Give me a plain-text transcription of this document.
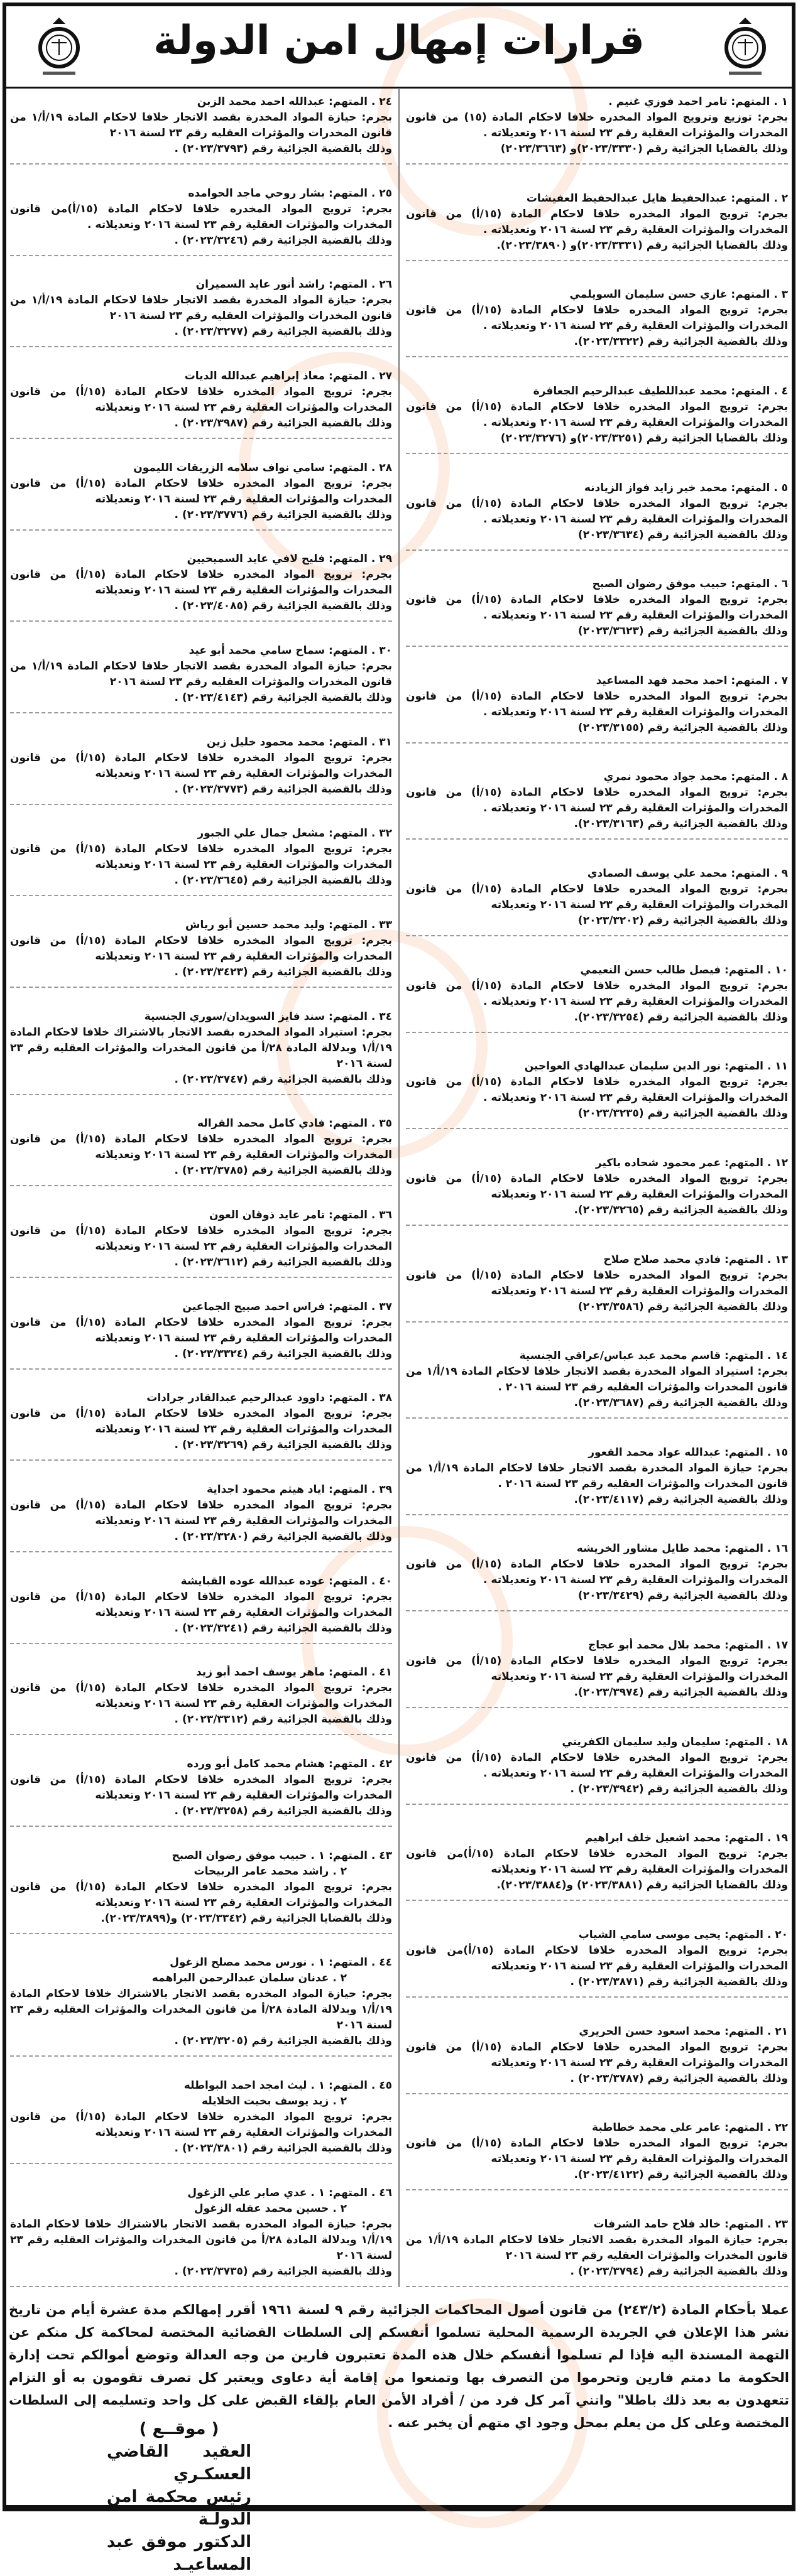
قرارات إمهال امن الدولة
١ . المتهم: تامر احمد فوزي غنيم .
بجرم: توزيع وترويج المواد المخدره خلافا لاحكام المادة (١٥) من قانون المخدرات والمؤثرات العقلية رقم ٢٣ لسنة ٢٠١٦ وتعديلاته .
وذلك بالقضايا الجزائية رقم (٢٠٢٣/٣٣٣٠)و (٢٠٢٣/٣٦٦٣)
٢ . المتهم: عبدالحفيظ هايل عبدالحفيظ العفيشات
بجرم: ترويج المواد المخدره خلافا لاحكام المادة (١٥/أ) من قانون المخدرات والمؤثرات العقلية رقم ٢٣ لسنة ٢٠١٦ وتعديلاته .
وذلك بالقضايا الجزائية رقم (٢٠٢٣/٣٣٣١)و (٢٠٢٣/٣٨٩٠).
٣ . المتهم: غازي حسن سليمان السويلمي
بجرم: ترويج المواد المخدره خلافا لاحكام المادة (١٥/أ) من قانون المخدرات والمؤثرات العقلية رقم ٢٣ لسنة ٢٠١٦ وتعديلاته .
وذلك بالقضية الجزائية رقم (٢٠٢٣/٣٣٢٢).
٤ . المتهم: محمد عبداللطيف عبدالرحيم الجعافرة
بجرم: ترويج المواد المخدره خلافا لاحكام المادة (١٥/أ) من قانون المخدرات والمؤثرات العقلية رقم ٢٣ لسنة ٢٠١٦ وتعديلاته .
وذلك بالقضايا الجزائية رقم (٢٠٢٣/٣٢٥١)و (٢٠٢٣/٣٢٧٦)
٥ . المتهم: محمد خير زايد فواز الزيادنه
بجرم: ترويج المواد المخدره خلافا لاحكام المادة (١٥/أ) من قانون المخدرات والمؤثرات العقلية رقم ٢٣ لسنة ٢٠١٦ وتعديلاته .
وذلك بالقضية الجزائية رقم (٢٠٢٣/٣٦٣٤)
٦ . المتهم: حبيب موفق رضوان الصبح
بجرم: ترويج المواد المخدره خلافا لاحكام المادة (١٥/أ) من قانون المخدرات والمؤثرات العقلية رقم ٢٣ لسنة ٢٠١٦ وتعديلاته .
وذلك بالقضية الجزائية رقم (٢٠٢٣/٣٦٢٣)
٧ . المتهم: احمد محمد فهد المساعيد
بجرم: ترويج المواد المخدره خلافا لاحكام المادة (١٥/أ) من قانون المخدرات والمؤثرات العقلية رقم ٢٣ لسنة ٢٠١٦ وتعديلاته .
وذلك بالقضية الجزائية رقم (٢٠٢٣/٣١٥٥)
٨ . المتهم: محمد جواد محمود نمري
بجرم: ترويج المواد المخدره خلافا لاحكام المادة (١٥/أ) من قانون المخدرات والمؤثرات العقلية رقم ٢٣ لسنة ٢٠١٦ وتعديلاته .
وذلك بالقضية الجزائية رقم (٢٠٢٣/٣١٦٣).
٩ . المتهم: محمد علي يوسف الصمادي
بجرم: ترويج المواد المخدره خلافا لاحكام المادة (١٥/أ) من قانون المخدرات والمؤثرات العقلية رقم ٢٣ لسنة ٢٠١٦ وتعديلاته
وذلك بالقضية الجزائية رقم (٢٠٢٣/٣٢٠٢)
١٠ . المتهم: فيصل طالب حسن النعيمي
بجرم: ترويج المواد المخدره خلافا لاحكام المادة (١٥/أ) من قانون المخدرات والمؤثرات العقلية رقم ٢٣ لسنة ٢٠١٦ وتعديلاته .
وذلك بالقضية الجزائية رقم (٢٠٢٣/٣٢٥٤).
١١ . المتهم: نور الدين سليمان عبدالهادي العواجين
بجرم: ترويج المواد المخدره خلافا لاحكام المادة (١٥/أ) من قانون المخدرات والمؤثرات العقلية رقم ٢٣ لسنة ٢٠١٦ وتعديلاته .
وذلك بالقضية الجزائية رقم (٢٠٢٣/٣٢٣٥)
١٢ . المتهم: عمر محمود شحاده باكير
بجرم: ترويج المواد المخدره خلافا لاحكام المادة (١٥/أ) من قانون المخدرات والمؤثرات العقلية رقم ٢٣ لسنة ٢٠١٦ وتعديلاته
وذلك بالقضية الجزائية رقم (٢٠٢٣/٣٢٦٥).
١٣ . المتهم: فادي محمد صلاح صلاح
بجرم: ترويج المواد المخدره خلافا لاحكام المادة (١٥/أ) من قانون المخدرات والمؤثرات العقلية رقم ٢٣ لسنة ٢٠١٦ وتعديلاته
وذلك بالقضية الجزائية رقم (٢٠٢٣/٣٥٨٦)
١٤ . المتهم: قاسم محمد عبد عباس/عراقي الجنسية
بجرم: استيراد المواد المخدرة بقصد الاتجار خلافا لاحكام المادة ١٩/أ/١ من قانون المخدرات والمؤثرات العقليه رقم ٢٣ لسنة ٢٠١٦ .
وذلك بالقضية الجزائية رقم (٢٠٢٣/٣٦٨٧).
١٥ . المتهم: عبدالله عواد محمد القعور
بجرم: حيازة المواد المخدرة بقصد الاتجار خلافا لاحكام المادة ١٩/أ/١ من قانون المخدرات والمؤثرات العقليه رقم ٢٣ لسنة ٢٠١٦ .
وذلك بالقضية الجزائية رقم (٢٠٢٣/٤١١٧).
١٦ . المتهم: محمد طايل مشاور الخريشه
بجرم: ترويج المواد المخدره خلافا لاحكام المادة (١٥/أ) من قانون المخدرات والمؤثرات العقلية رقم ٢٣ لسنة ٢٠١٦ وتعديلاته .
وذلك بالقضية الجزائية رقم (٢٠٢٣/٣٤٢٩)
١٧ . المتهم: محمد بلال محمد أبو عجاج
بجرم: ترويج المواد المخدره خلافا لاحكام المادة (١٥/أ) من قانون المخدرات والمؤثرات العقلية رقم ٢٣ لسنة ٢٠١٦ وتعديلاته
وذلك بالقضية الجزائية رقم (٢٠٢٣/٣٩٧٤).
١٨ . المتهم: سليمان وليد سليمان الكفريني
بجرم: ترويج المواد المخدره خلافا لاحكام المادة (١٥/أ) من قانون المخدرات والمؤثرات العقلية رقم ٢٣ لسنة ٢٠١٦ وتعديلاته .
وذلك بالقضية الجزائية رقم (٢٠٢٣/٣٩٤٢) .
١٩ . المتهم: محمد اشعيل خلف ابراهيم
بجرم: ترويج المواد المخدره خلافا لاحكام المادة (١٥/أ)من قانون المخدرات والمؤثرات العقلية رقم ٢٣ لسنة ٢٠١٦ وتعديلاته
وذلك بالقضايا الجزائية رقم (٢٠٢٣/٣٨٨١) و(٢٠٢٣/٣٨٨٤).
٢٠ . المتهم: يحيى موسى سامي الشياب
بجرم: ترويج المواد المخدره خلافا لاحكام المادة (١٥/أ)من قانون المخدرات والمؤثرات العقلية رقم ٢٣ لسنة ٢٠١٦ وتعديلاته
وذلك بالقضية الجزائية رقم (٢٠٢٣/٣٨٧١) .
٢١ . المتهم: محمد اسعود حسن الحريري
بجرم: ترويج المواد المخدره خلافا لاحكام المادة (١٥/أ) من قانون المخدرات والمؤثرات العقلية رقم ٢٣ لسنة ٢٠١٦ وتعديلاته
وذلك بالقضية الجزائية رقم (٢٠٢٣/٣٧٨٧) .
٢٢ . المتهم: عامر علي محمد خطاطبة
بجرم: ترويج المواد المخدره خلافا لاحكام المادة (١٥/أ) من قانون المخدرات والمؤثرات العقلية رقم ٢٣ لسنة ٢٠١٦ وتعديلاته
وذلك بالقضية الجزائية رقم (٢٠٢٣/٤١٢٢).
٢٣ . المتهم: خالد فلاح حامد الشرفات
بجرم: حيازة المواد المخدرة بقصد الاتجار خلافا لاحكام المادة ١٩/أ/١ من قانون المخدرات والمؤثرات العقليه رقم ٢٣ لسنة ٢٠١٦
وذلك بالقضية الجزائية رقم (٢٠٢٣/٣٧٩٤) .
٢٤ . المتهم: عبدالله احمد محمد الزبن
بجرم: حيازة المواد المخدرة بقصد الاتجار خلافا لاحكام المادة ١٩/أ/١ من قانون المخدرات والمؤثرات العقليه رقم ٢٣ لسنة ٢٠١٦
وذلك بالقضية الجزائية رقم (٢٠٢٣/٣٧٩٣) .
٢٥ . المتهم: بشار روحي ماجد الحوامده
بجرم: ترويج المواد المخدره خلافا لاحكام المادة (١٥/أ)من قانون المخدرات والمؤثرات العقلية رقم ٢٣ لسنة ٢٠١٦ وتعديلاته .
وذلك بالقضية الجزائية رقم (٢٠٢٣/٣٢٤٦) .
٢٦ . المتهم: راشد أنور عايد السميران
بجرم: حيازة المواد المخدرة بقصد الاتجار خلافا لاحكام المادة ١٩/أ/١ من قانون المخدرات والمؤثرات العقليه رقم ٢٣ لسنة ٢٠١٦
وذلك بالقضية الجزائية رقم (٢٠٢٣/٣٢٧٧) .
٢٧ . المتهم: معاذ إبراهيم عبدالله الديات
بجرم: ترويج المواد المخدره خلافا لاحكام المادة (١٥/أ) من قانون المخدرات والمؤثرات العقلية رقم ٢٣ لسنة ٢٠١٦ وتعديلاته
وذلك بالقضية الجزائية رقم (٢٠٢٣/٣٩٨٧) .
٢٨ . المتهم: سامي نواف سلامه الزريقات الليمون
بجرم: ترويج المواد المخدره خلافا لاحكام المادة (١٥/أ) من قانون المخدرات والمؤثرات العقلية رقم ٢٣ لسنة ٢٠١٦ وتعديلاته
وذلك بالقضية الجزائية رقم (٢٠٢٣/٣٧٧٦) .
٢٩ . المتهم: فليح لافي عايد السميحيين
بجرم: ترويج المواد المخدره خلافا لاحكام المادة (١٥/أ) من قانون المخدرات والمؤثرات العقلية رقم ٢٣ لسنة ٢٠١٦ وتعديلاته
وذلك بالقضية الجزائية رقم (٢٠٢٣/٤٠٨٥) .
٣٠ . المتهم: سماح سامي محمد أبو عيد
بجرم: حيازة المواد المخدرة بقصد الاتجار خلافا لاحكام المادة ١٩/أ/١ من قانون المخدرات والمؤثرات العقليه رقم ٢٣ لسنة ٢٠١٦
وذلك بالقضية الجزائية رقم (٢٠٢٣/٤١٤٣) .
٣١ . المتهم: محمد محمود خليل زين
بجرم: ترويج المواد المخدره خلافا لاحكام المادة (١٥/أ) من قانون المخدرات والمؤثرات العقلية رقم ٢٣ لسنة ٢٠١٦ وتعديلاته
وذلك بالقضية الجزائية رقم (٢٠٢٣/٣٧٧٣) .
٣٢ . المتهم: مشعل جمال علي الجبور
بجرم: ترويج المواد المخدره خلافا لاحكام المادة (١٥/أ) من قانون المخدرات والمؤثرات العقلية رقم ٢٣ لسنة ٢٠١٦ وتعديلاته
وذلك بالقضية الجزائية رقم (٢٠٢٣/٣٦٤٥) .
٣٣ . المتهم: وليد محمد حسين أبو رياش
بجرم: ترويج المواد المخدره خلافا لاحكام المادة (١٥/أ) من قانون المخدرات والمؤثرات العقلية رقم ٢٣ لسنة ٢٠١٦ وتعديلاته
وذلك بالقضية الجزائية رقم (٢٠٢٣/٣٤٢٣) .
٣٤ . المتهم: سند فايز السويدان/سوري الجنسية
بجرم: استيراد المواد المخدره بقصد الاتجار بالاشتراك خلافا لاحكام المادة ١٩/أ/١ وبدلالة المادة ٢٨/أ من قانون المخدرات والمؤثرات العقليه رقم ٢٣ لسنة ٢٠١٦
وذلك بالقضية الجزائية رقم (٢٠٢٣/٣٧٤٧) .
٣٥ . المتهم: فادي كامل محمد القراله
بجرم: ترويج المواد المخدره خلافا لاحكام المادة (١٥/أ) من قانون المخدرات والمؤثرات العقلية رقم ٢٣ لسنة ٢٠١٦ وتعديلاته
وذلك بالقضية الجزائية رقم (٢٠٢٣/٣٧٨٥) .
٣٦ . المتهم: تامر عايد ذوقان العون
بجرم: ترويج المواد المخدره خلافا لاحكام المادة (١٥/أ) من قانون المخدرات والمؤثرات العقلية رقم ٢٣ لسنة ٢٠١٦ وتعديلاته
وذلك بالقضية الجزائية رقم (٢٠٢٣/٣٦١٢) .
٣٧ . المتهم: فراس احمد صبيح الجماعين
بجرم: ترويج المواد المخدره خلافا لاحكام المادة (١٥/أ) من قانون المخدرات والمؤثرات العقلية رقم ٢٣ لسنة ٢٠١٦ وتعديلاته
وذلك بالقضية الجزائية رقم (٢٠٢٣/٣٣٢٤) .
٣٨ . المتهم: داوود عبدالرحيم عبدالقادر جرادات
بجرم: ترويج المواد المخدره خلافا لاحكام المادة (١٥/أ) من قانون المخدرات والمؤثرات العقلية رقم ٢٣ لسنة ٢٠١٦ وتعديلاته
وذلك بالقضية الجزائية رقم (٢٠٢٣/٣٢٦٩) .
٣٩ . المتهم: اياد هيثم محمود اجداية
بجرم: ترويج المواد المخدره خلافا لاحكام المادة (١٥/أ) من قانون المخدرات والمؤثرات العقلية رقم ٢٣ لسنة ٢٠١٦ وتعديلاته
وذلك بالقضية الجزائية رقم (٢٠٢٣/٣٢٨٠) .
٤٠ . المتهم: عوده عبدالله عوده القبايشة
بجرم: ترويج المواد المخدره خلافا لاحكام المادة (١٥/أ) من قانون المخدرات والمؤثرات العقلية رقم ٢٣ لسنة ٢٠١٦ وتعديلاته
وذلك بالقضية الجزائية رقم (٢٠٢٣/٣٢٤١) .
٤١ . المتهم: ماهر يوسف احمد أبو زيد
بجرم: ترويج المواد المخدره خلافا لاحكام المادة (١٥/أ) من قانون المخدرات والمؤثرات العقلية رقم ٢٣ لسنة ٢٠١٦ وتعديلاته
وذلك بالقضية الجزائية رقم (٢٠٢٣/٣٣١٢) .
٤٢ . المتهم: هشام محمد كامل أبو ورده
بجرم: ترويج المواد المخدره خلافا لاحكام المادة (١٥/أ) من قانون المخدرات والمؤثرات العقلية رقم ٢٣ لسنة ٢٠١٦ وتعديلاته
وذلك بالقضية الجزائية رقم (٢٠٢٣/٣٢٥٨) .
٤٣ . المتهم: ١ . حبيب موفق رضوان الصبح
٢ . راشد محمد عامر الربيحات
بجرم: ترويج المواد المخدره خلافا لاحكام المادة (١٥/أ) من قانون المخدرات والمؤثرات العقلية رقم ٢٣ لسنة ٢٠١٦ وتعديلاته
وذلك بالقضايا الجزائية رقم (٢٠٢٣/٣٣٤٢) و(٢٠٢٣/٣٨٩٩).
٤٤ . المتهم: ١ . نورس محمد مصلح الزغول
٢ . عدنان سلمان عبدالرحمن البراهمه
بجرم: حيازة المواد المخدره بقصد الاتجار بالاشتراك خلافا لاحكام المادة ١٩/أ/١ وبدلالة المادة ٢٨/أ من قانون المخدرات والمؤثرات العقليه رقم ٢٣ لسنة ٢٠١٦
وذلك بالقضية الجزائية رقم (٢٠٢٣/٣٢٠٥) .
٤٥ . المتهم: ١ . ليث امجد احمد البواطله
٢ . زيد يوسف بخيت الخلايله
بجرم: ترويج المواد المخدره خلافا لاحكام المادة (١٥/أ) من قانون المخدرات والمؤثرات العقلية رقم ٢٣ لسنة ٢٠١٦ وتعديلاته
وذلك بالقضية الجزائية رقم (٢٠٢٣/٣٨٠١) .
٤٦ . المتهم: ١ . عدي صابر علي الزغول
٢ . حسين محمد عقله الزغول
بجرم: حيازة المواد المخدره بقصد الاتجار بالاشتراك خلافا لاحكام المادة ١٩/أ/١ وبدلالة المادة ٢٨/أ من قانون المخدرات والمؤثرات العقليه رقم ٢٣ لسنة ٢٠١٦
وذلك بالقضية الجزائية رقم (٢٠٢٣/٣٧٣٥) .
عملا بأحكام المادة (٢٤٣/٢) من قانون أصول المحاكمات الجزائية رقم ٩ لسنة ١٩٦١ أقرر إمهالكم مدة عشرة أيام من تاريخ نشر هذا الإعلان في الجريدة الرسمية المحلية تسلموا أنفسكم إلى السلطات القضائية المختصة لمحاكمة كل منكم عن التهمة المسندة اليه فإذا لم تسلموا أنفسكم خلال هذه المدة تعتبرون فارين من وجه العدالة وتوضع أموالكم تحت إدارة الحكومة ما دمتم فارين وتحرموا من التصرف بها وتمنعوا من إقامة أية دعاوى ويعتبر كل تصرف تقومون به أو التزام تتعهدون به بعد ذلك باطلا" وانني آمر كل فرد من / أفراد الأمن العام بإلقاء القبض على كل واحد وتسليمه إلى السلطات المختصة وعلى كل من يعلم بمحل وجود اي متهم أن يخبر عنه .
( موقــع )
العقيد القاضي العسكـري
رئيس محكمة امن الدولـة
الدكتور موفق عبد المساعيـد
